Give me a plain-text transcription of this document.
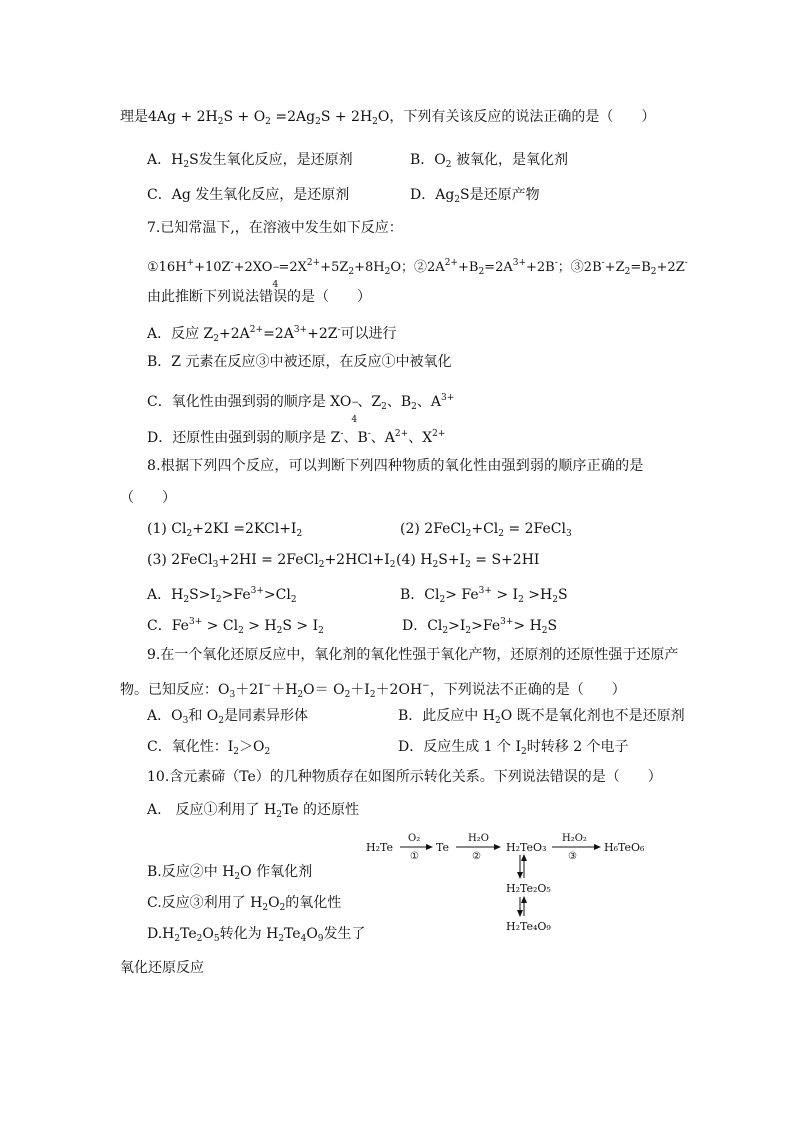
理是$4Ag + 2H_2S + O_2 =2Ag_2S + 2H_2O$，下列有关该反应的说法正确的是（　　）
A．$H_2S$发生氧化反应，是还原剂	B．$O_2$ 被氧化，是氧化剂
C．Ag 发生氧化反应，是还原剂	D．$Ag_2S$是还原产物
7.已知常温下,，在溶液中发生如下反应：
①16H++10Z-+2XO −
4
$=2X^{2+}+5Z_2+8H_2O$；$②2A^{2+}+B_2=2A^{3+}+2B^-$；$③2B^-+Z_2=B_2+2Z^-$
由此推断下列说法错误的是（　　）
A．反应 $Z_2+2A^{2+}=2A^{3+}+2Z^-$可以进行
B．Z 元素在反应③中被还原，在反应①中被氧化
C．氧化性由强到弱的顺序是 XO −
4
、$Z_2$、$B_2$、$A^{3+}$
D．还原性由强到弱的顺序是 Z-、B-、$A^{2+}$、$X^{2+}$
8.根据下列四个反应，可以判断下列四种物质的氧化性由强到弱的顺序正确的是
（　　）
(1) $Cl_2+2KI =2KCl+I_2$	(2) $2FeCl_2+Cl_2$ = 2FeCl$_3$
(3) 2FeCl$_3$+2HI = $2FeCl_2+2HCl+I_2$ (4) $H_2S+I_2 = S+2HI$
A．$H_2S>I_2>Fe^{3+}>Cl_2$	B．$Cl_2> Fe^{3+} > I_2 >H_2S$
C．$Fe^{3+} > Cl_2 > H_2S > I_2$	D．$Cl_2>I_2>Fe^{3+}> H_2S$
9.在一个氧化还原反应中，氧化剂的氧化性强于氧化产物，还原剂的还原性强于还原产
物。已知反应：$O_3+2I^-+H_2O= O_2+I_2+2OH^-$，下列说法不正确的是（　　）
A．$O_3$和 $O_2$是同素异形体	B．此反应中 $H_2O$ 既不是氧化剂也不是还原剂
C．氧化性：$I_2>O_2$	D．反应生成 1 个 $I_2$时转移 2 个电子
10.含元素碲（Te）的几种物质存在如图所示转化关系。下列说法错误的是（　　）
A.　反应①利用了 $H_2Te$ 的还原性
B.反应②中 $H_2O$ 作氧化剂
C.反应③利用了 $H_2O_2$的氧化性
$D.H_2Te_2O_5$转化为 $H_2Te_4O_9$发生了
氧化还原反应
H₂Te
O₂
①
Te
H₂O
②
H₂TeO₃
H₂O₂
③
H₆TeO₆
H₂Te₂O₅
H₂Te₄O₉
